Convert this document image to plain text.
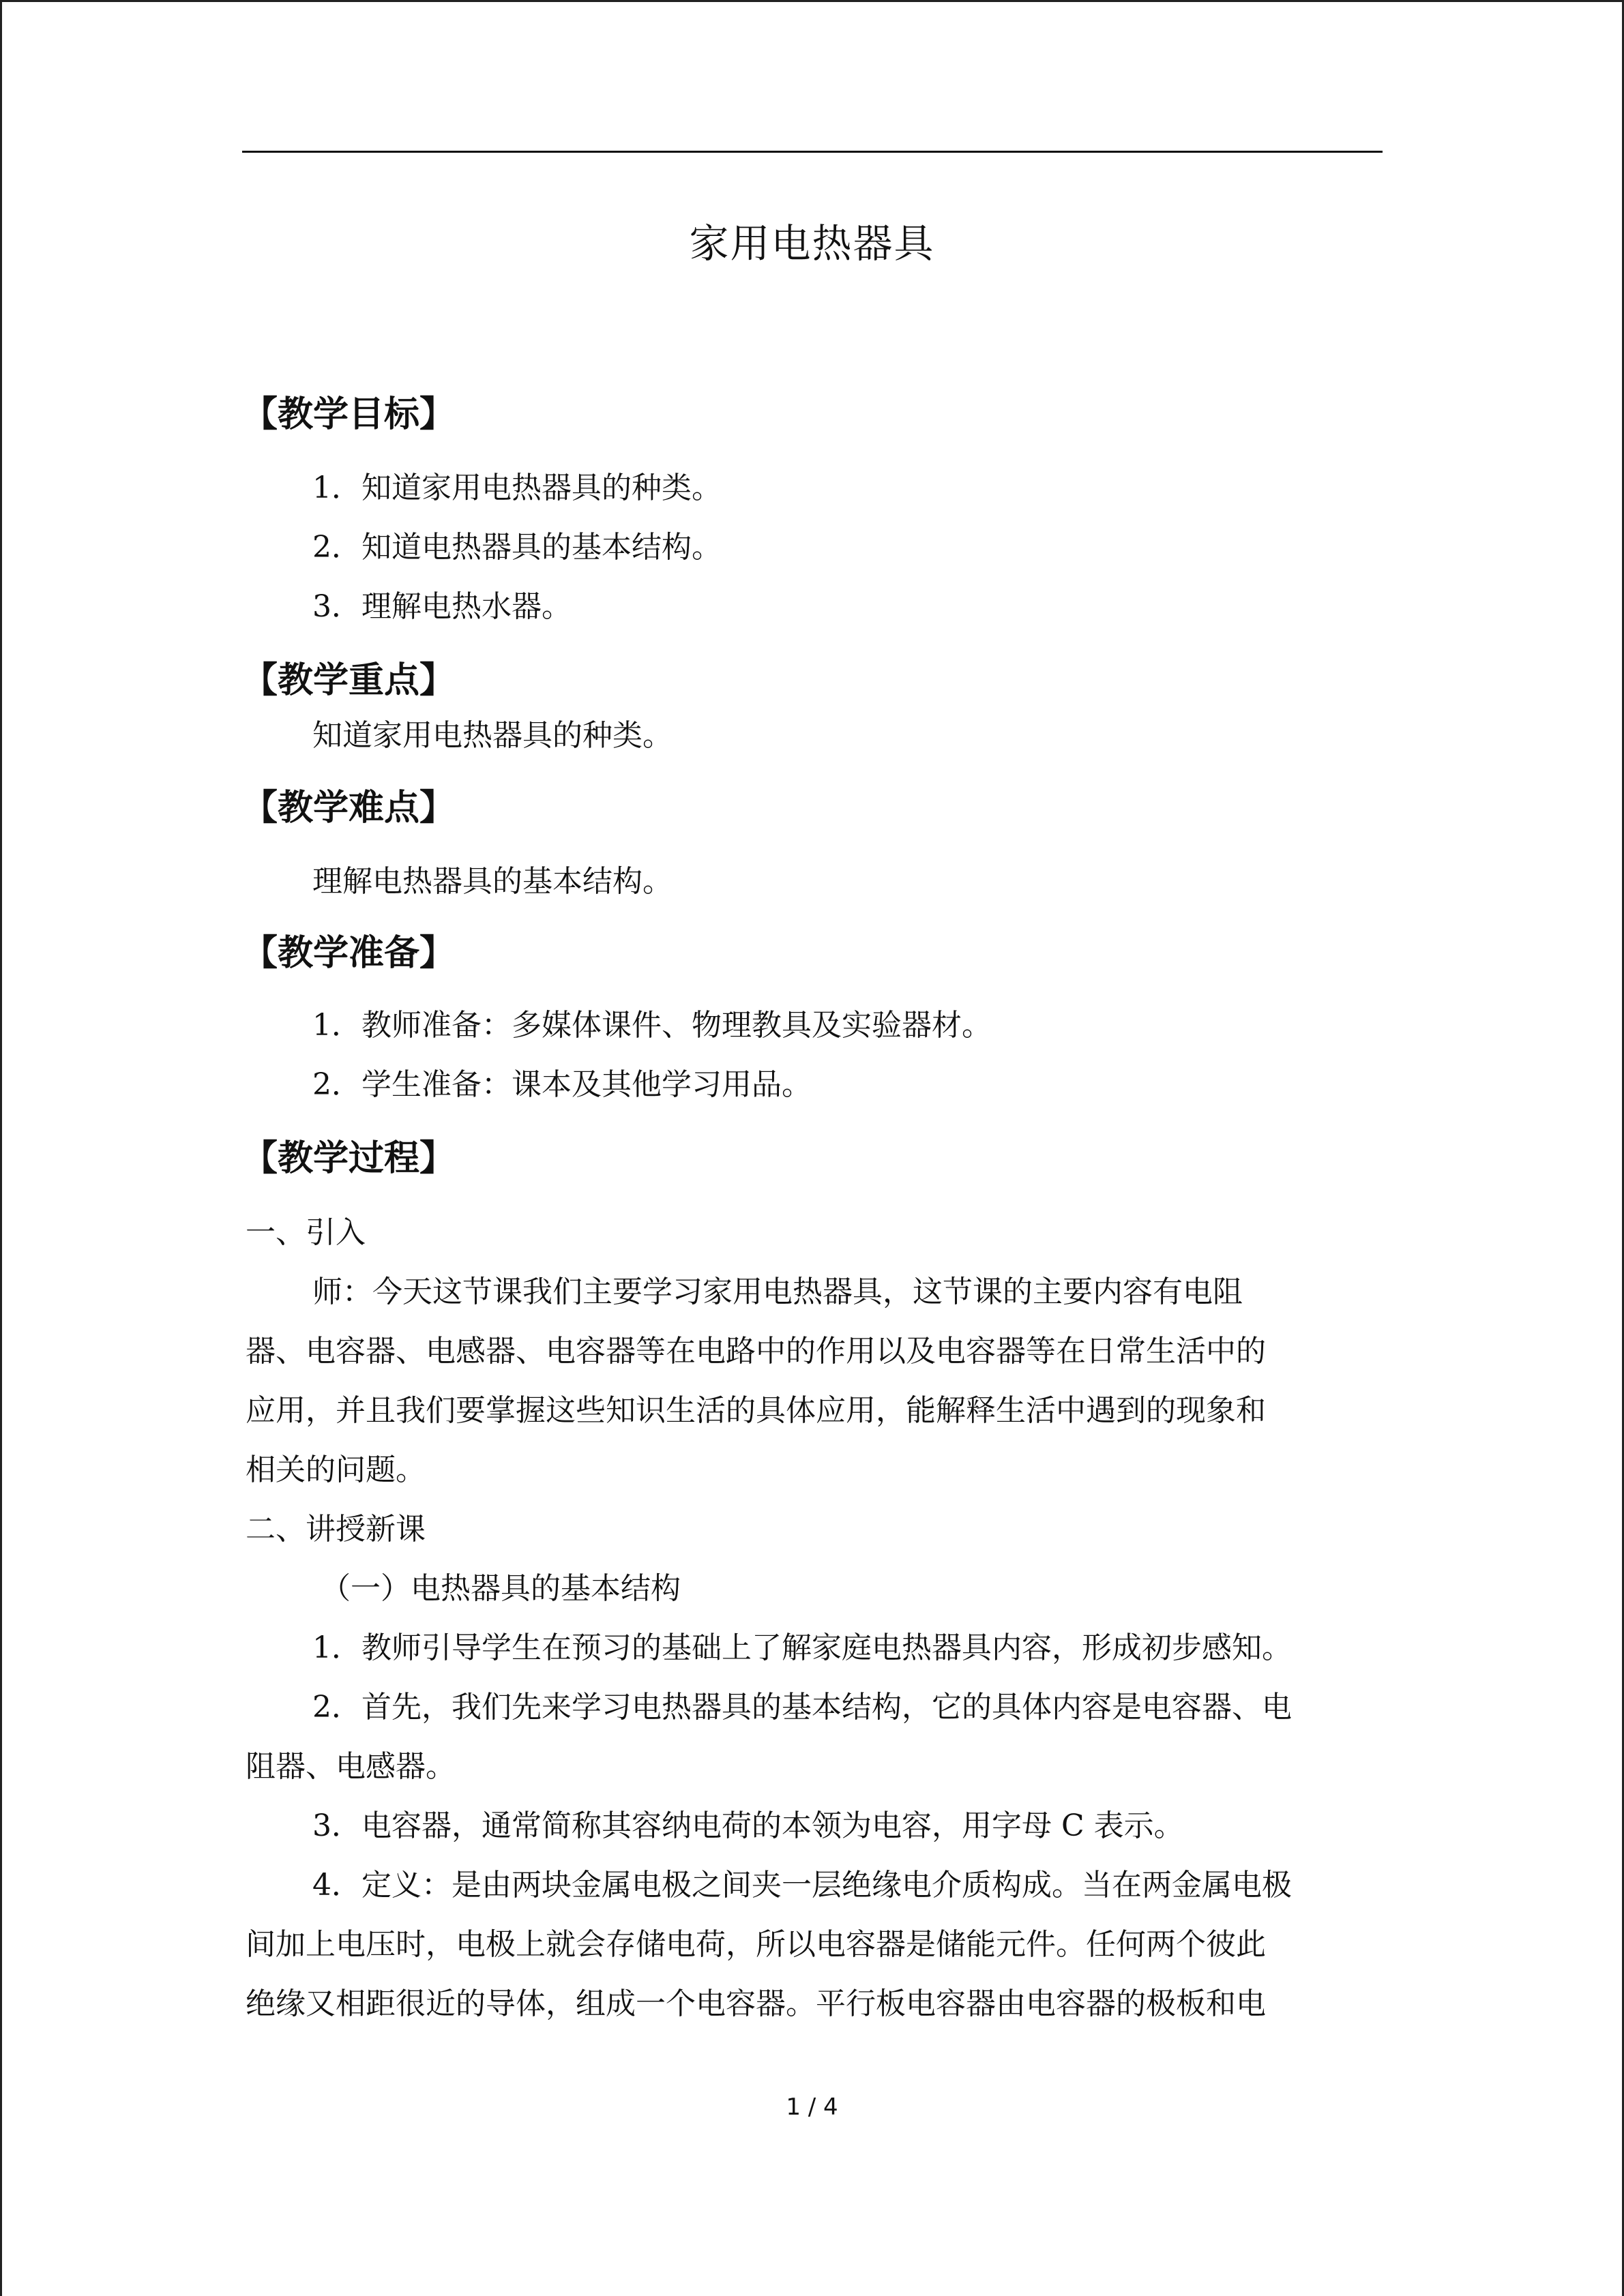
家用电热器具
【教学目标】
1．知道家用电热器具的种类。
2．知道电热器具的基本结构。
3．理解电热水器。
【教学重点】
知道家用电热器具的种类。
【教学难点】
理解电热器具的基本结构。
【教学准备】
1．教师准备：多媒体课件、物理教具及实验器材。
2．学生准备：课本及其他学习用品。
【教学过程】
一、引入
师：今天这节课我们主要学习家用电热器具，这节课的主要内容有电阻
器、电容器、电感器、电容器等在电路中的作用以及电容器等在日常生活中的
应用，并且我们要掌握这些知识生活的具体应用，能解释生活中遇到的现象和
相关的问题。
二、讲授新课
（一）电热器具的基本结构
1．教师引导学生在预习的基础上了解家庭电热器具内容，形成初步感知。
2．首先，我们先来学习电热器具的基本结构，它的具体内容是电容器、电
阻器、电感器。
3．电容器，通常简称其容纳电荷的本领为电容，用字母 C 表示。
4．定义：是由两块金属电极之间夹一层绝缘电介质构成。当在两金属电极
间加上电压时，电极上就会存储电荷，所以电容器是储能元件。任何两个彼此
绝缘又相距很近的导体，组成一个电容器。平行板电容器由电容器的极板和电
1 / 4
